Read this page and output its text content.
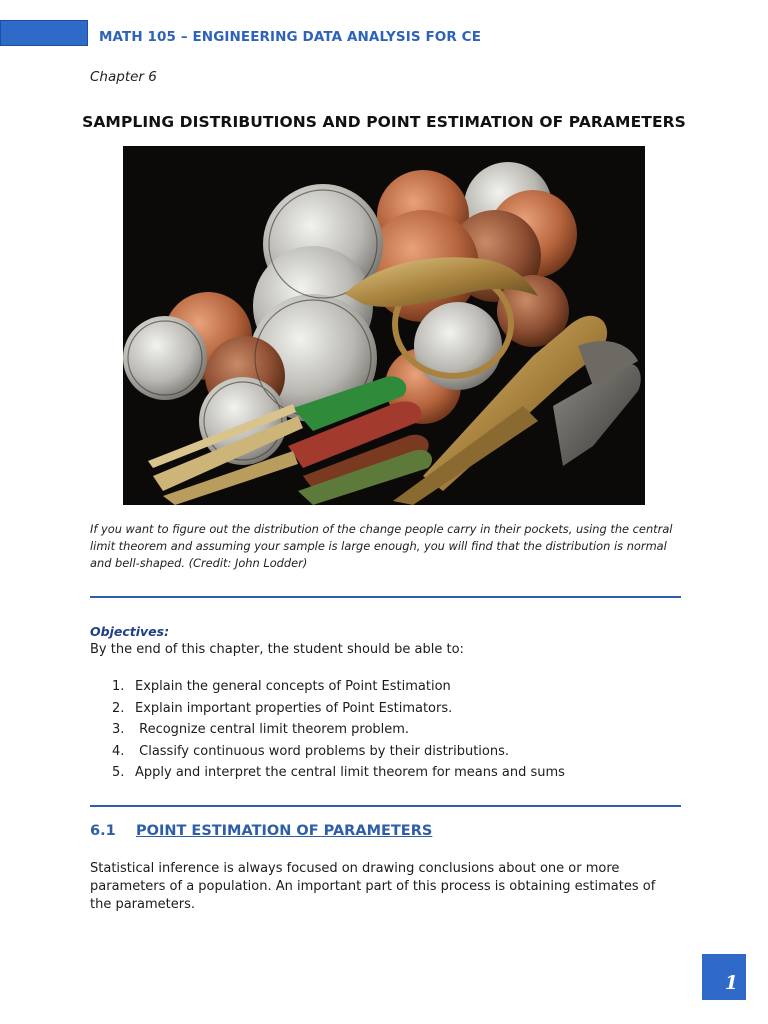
MATH 105 – ENGINEERING DATA ANALYSIS FOR CE
Chapter 6
SAMPLING DISTRIBUTIONS AND POINT ESTIMATION OF PARAMETERS
If you want to figure out the distribution of the change people carry in their pockets, using the central limit theorem and assuming your sample is large enough, you will find that the distribution is normal and bell-shaped. (Credit: John Lodder)
Objectives:
By the end of this chapter, the student should be able to:
1. Explain the general concepts of Point Estimation
2. Explain important properties of Point Estimators.
3. Recognize central limit theorem problem.
4. Classify continuous word problems by their distributions.
5. Apply and interpret the central limit theorem for means and sums
6.1 POINT ESTIMATION OF PARAMETERS
Statistical inference is always focused on drawing conclusions about one or more parameters of a population. An important part of this process is obtaining estimates of the parameters.
1
